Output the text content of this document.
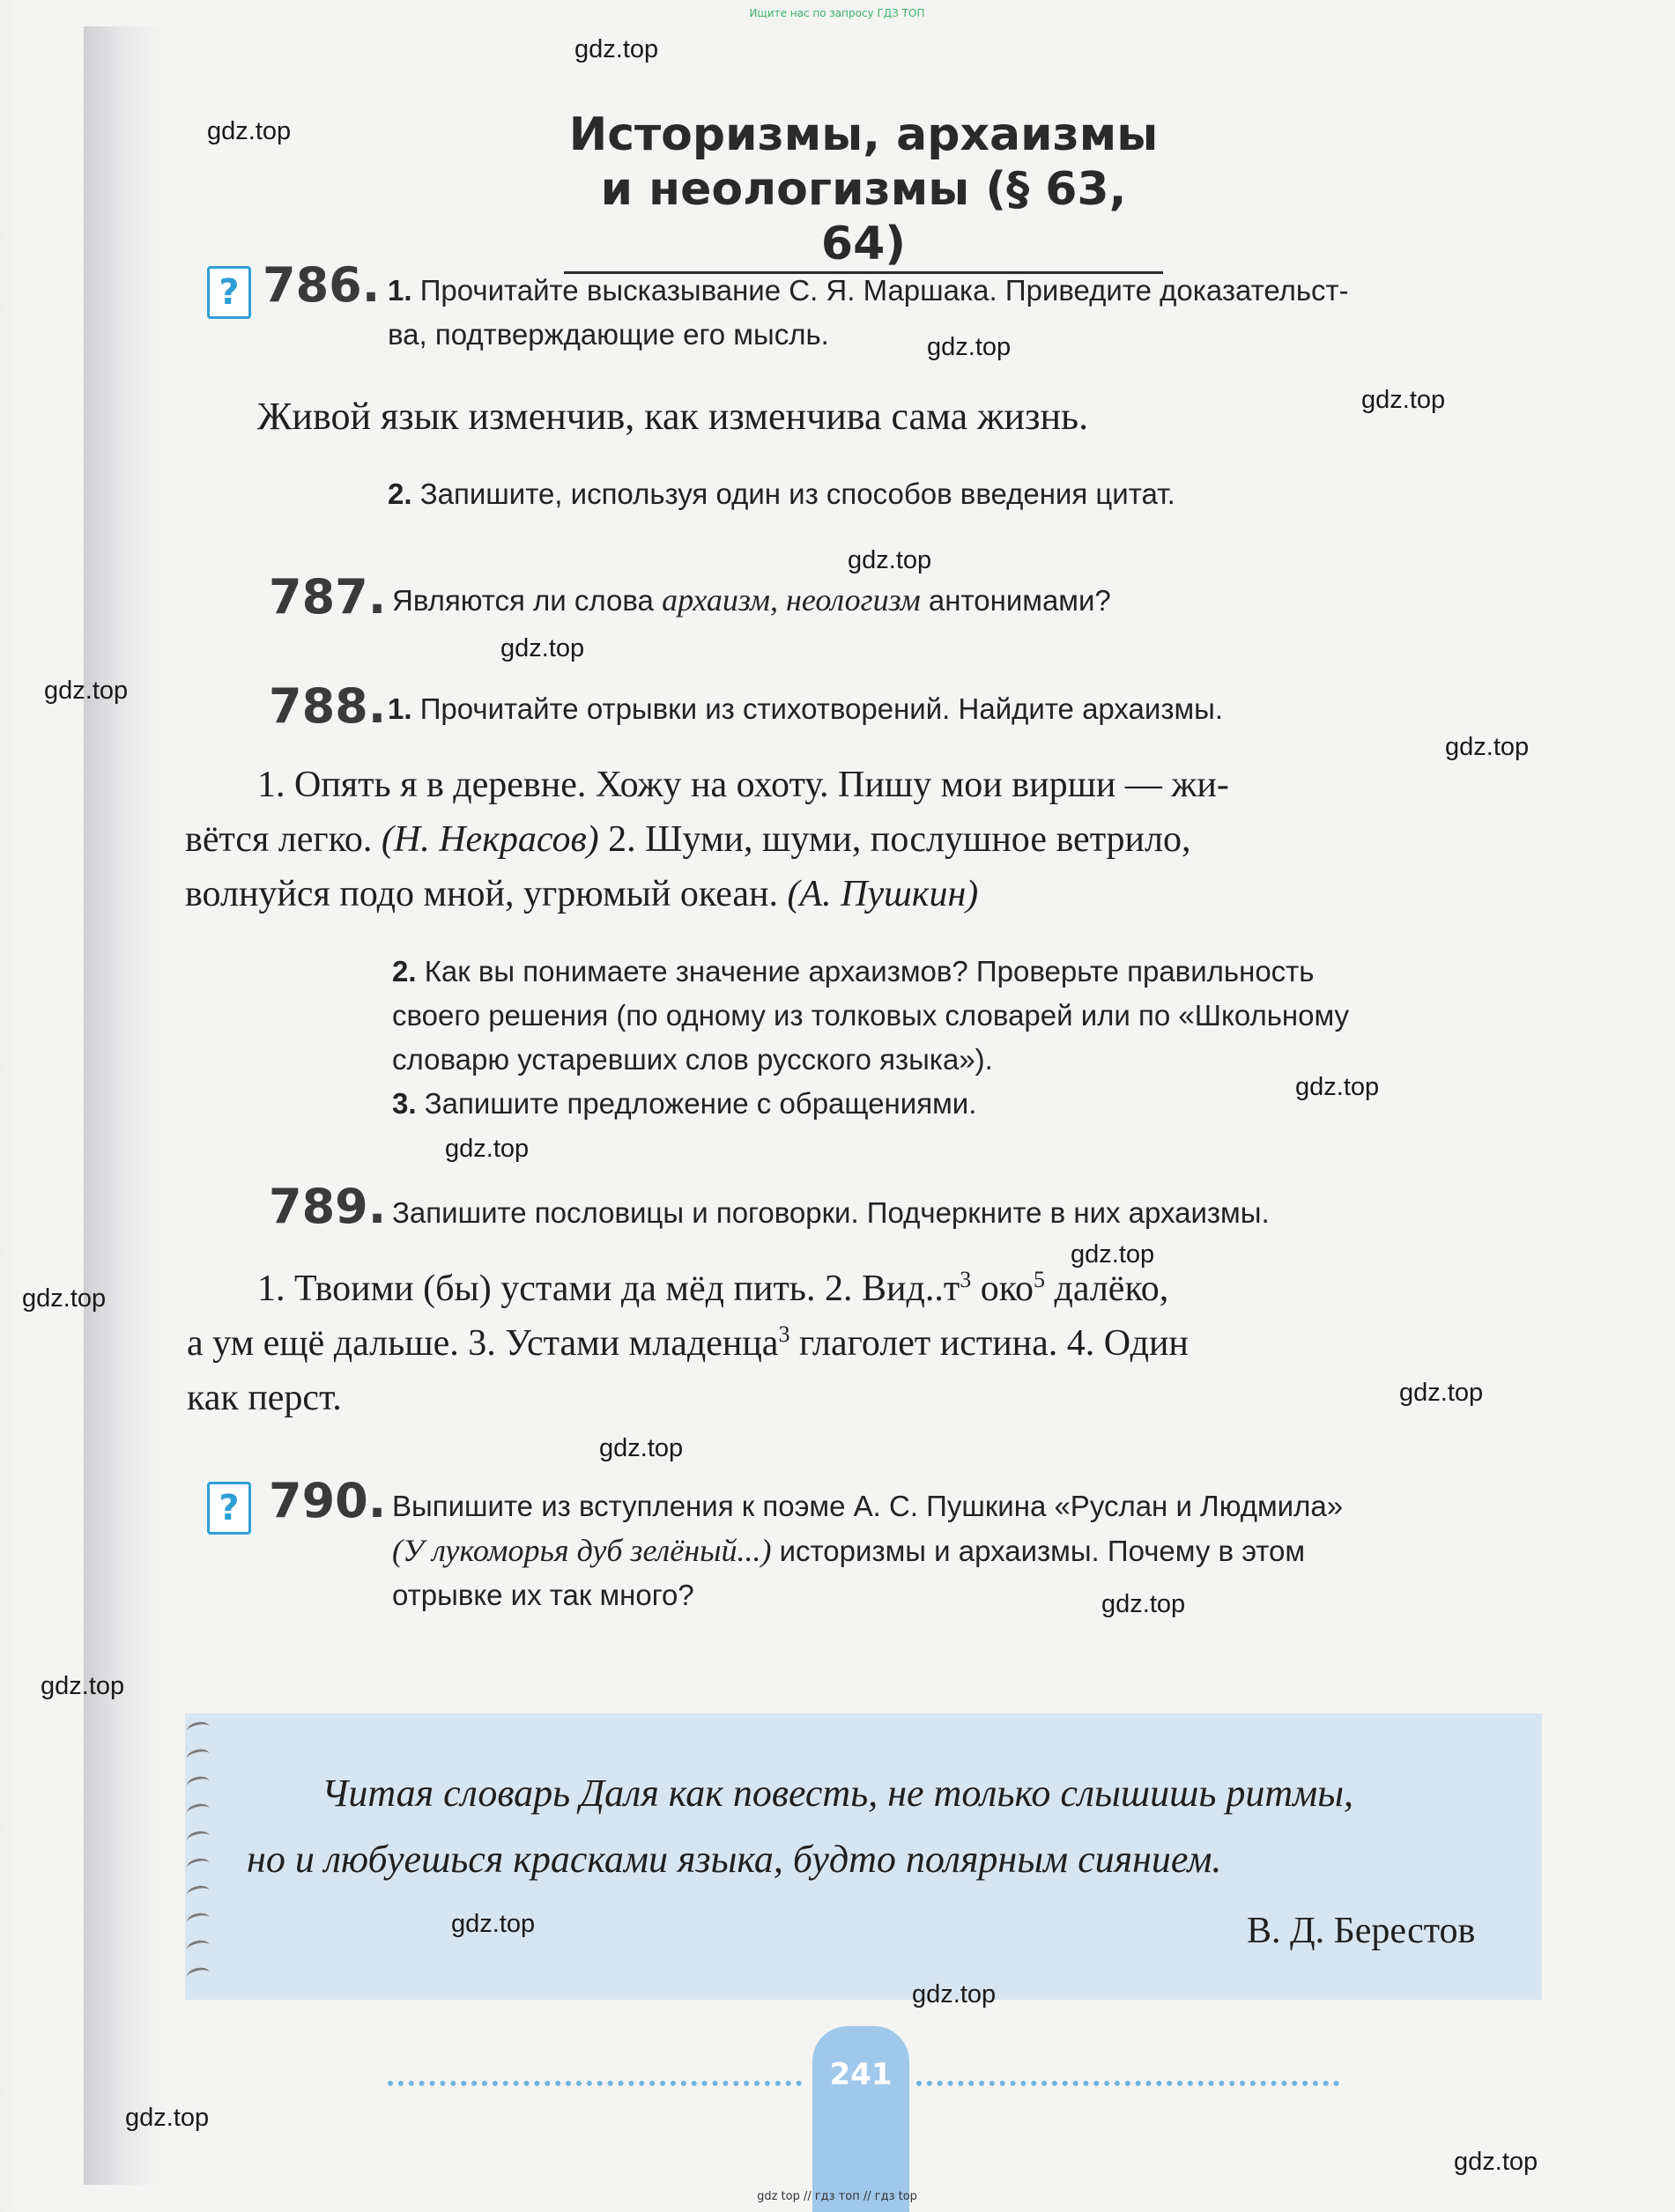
Ищите нас по запросу ГДЗ ТОП
Историзмы, архаизмы
и неологизмы (§ 63, 64)
? 786. 1. Прочитайте высказывание С. Я. Маршака. Приведите доказательст-
ва, подтверждающие его мысль.
Живой язык изменчив, как изменчива сама жизнь.
2. Запишите, используя один из способов введения цитат.
787. Являются ли слова архаизм, неологизм антонимами?
788. 1. Прочитайте отрывки из стихотворений. Найдите архаизмы.
1. Опять я в деревне. Хожу на охоту. Пишу мои вирши — жи-
вётся легко. (Н. Некрасов) 2. Шуми, шуми, послушное ветрило,
волнуйся подо мной, угрюмый океан. (А. Пушкин)
2. Как вы понимаете значение архаизмов? Проверьте правильность
своего решения (по одному из толковых словарей или по «Школьному
словарю устаревших слов русского языка»).
3. Запишите предложение с обращениями.
789. Запишите пословицы и поговорки. Подчеркните в них архаизмы.
1. Твоими (бы) устами да мёд пить. 2. $Вид..т^3$ око$^5$ далёко,
а ум ещё дальше. 3. Устами младенца$^3$ глаголет истина. 4. Один
как перст.
? 790. Выпишите из вступления к поэме А. С. Пушкина «Руслан и Людмила»
(У лукоморья дуб зелёный...) историзмы и архаизмы. Почему в этом
отрывке их так много?
Читая словарь Даля как повесть, не только слышишь ритмы,
но и любуешься красками языка, будто полярным сиянием.
В. Д. Берестов
241
gdz top // гдз топ // гдз top
gdz.top
gdz.top
gdz.top
gdz.top
gdz.top
gdz.top
gdz.top
gdz.top
gdz.top
gdz.top
gdz.top
gdz.top
gdz.top
gdz.top
gdz.top
gdz.top
gdz.top
gdz.top
gdz.top
gdz.top
